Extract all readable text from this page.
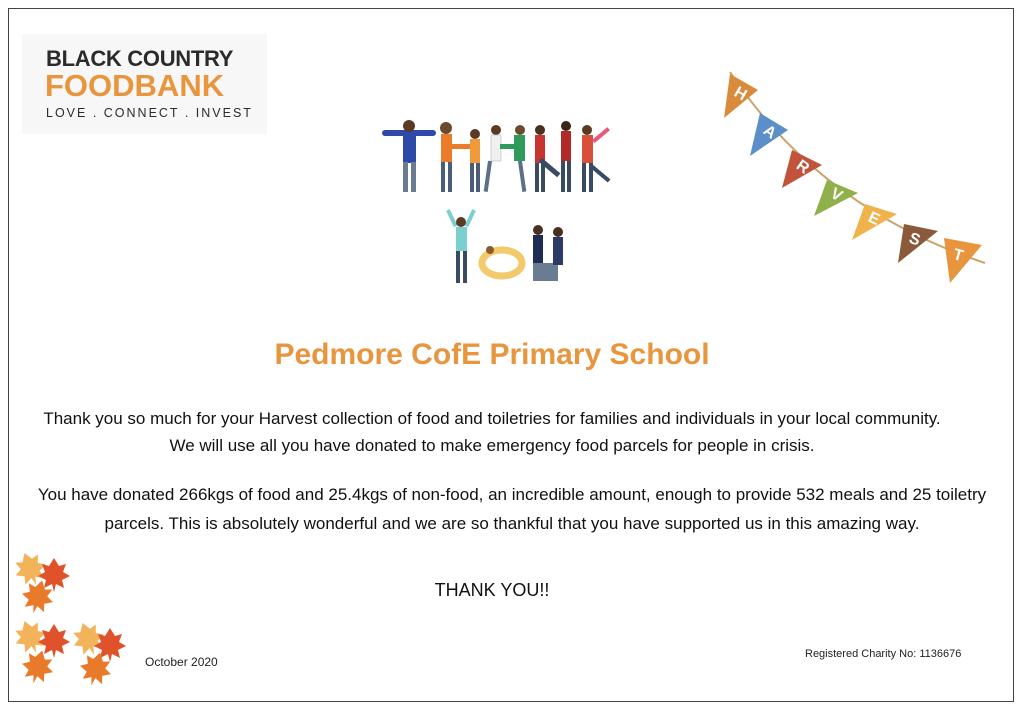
BLACK COUNTRY
FOODBANK
LOVE . CONNECT . INVEST
H
A
R
V
E
S
T
Pedmore CofE Primary School
Thank you so much for your Harvest collection of food and toiletries for families and individuals in your local community. We will use all you have donated to make emergency food parcels for people in crisis.
You have donated 266kgs of food and 25.4kgs of non-food, an incredible amount, enough to provide 532 meals and 25 toiletry parcels. This is absolutely wonderful and we are so thankful that you have supported us in this amazing way.
THANK YOU!!
October 2020
Registered Charity No: 1136676
